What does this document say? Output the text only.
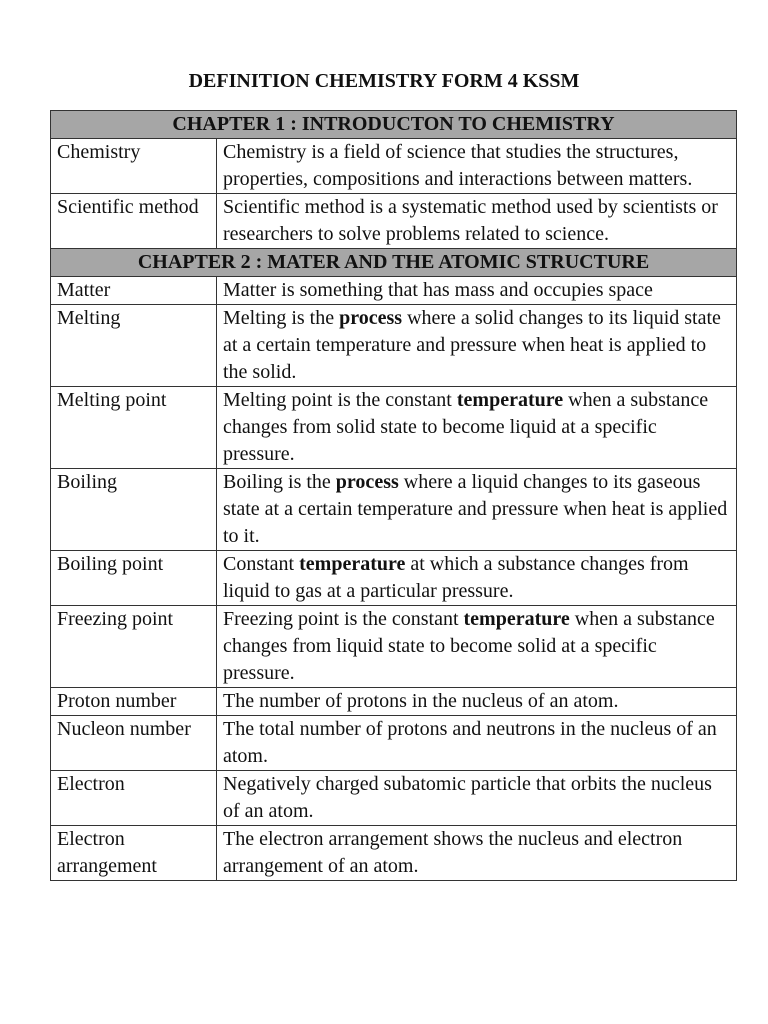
DEFINITION CHEMISTRY FORM 4 KSSM
CHAPTER 1 : INTRODUCTON TO CHEMISTRY	
Chemistry	Chemistry is a field of science that studies the structures, properties, compositions and interactions between matters.
Scientific method	Scientific method is a systematic method used by scientists or researchers to solve problems related to science.
CHAPTER 2 : MATER AND THE ATOMIC STRUCTURE	
Matter	Matter is something that has mass and occupies space
Melting	Melting is the process where a solid changes to its liquid state at a certain temperature and pressure when heat is applied to the solid.
Melting point	Melting point is the constant temperature when a substance changes from solid state to become liquid at a specific pressure.
Boiling	Boiling is the process where a liquid changes to its gaseous state at a certain temperature and pressure when heat is applied to it.
Boiling point	Constant temperature at which a substance changes from liquid to gas at a particular pressure.
Freezing point	Freezing point is the constant temperature when a substance changes from liquid state to become solid at a specific pressure.
Proton number	The number of protons in the nucleus of an atom.
Nucleon number	The total number of protons and neutrons in the nucleus of an atom.
Electron	Negatively charged subatomic particle that orbits the nucleus of an atom.
Electron arrangement	The electron arrangement shows the nucleus and electron arrangement of an atom.
